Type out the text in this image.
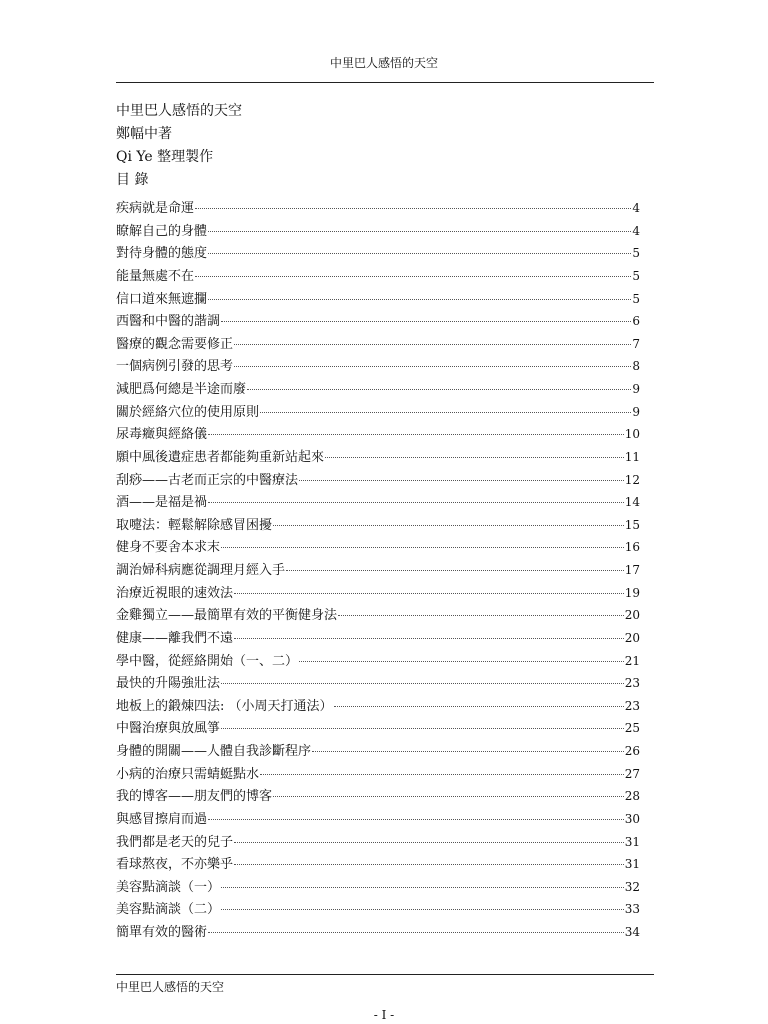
中里巴人感悟的天空
中里巴人感悟的天空
鄭幅中著
Qi Ye 整理製作
目 錄
疾病就是命運	4
瞭解自己的身體	4
對待身體的態度	5
能量無處不在	5
信口道來無遮攔	5
西醫和中醫的諧調	6
醫療的觀念需要修正	7
一個病例引發的思考	8
減肥爲何總是半途而廢	9
關於經絡穴位的使用原則	9
尿毒癥與經絡儀	10
願中風後遺症患者都能夠重新站起來	11
刮痧——古老而正宗的中醫療法	12
酒——是福是禍	14
取嚏法：輕鬆解除感冒困擾	15
健身不要舍本求末	16
調治婦科病應從調理月經入手	17
治療近視眼的速效法	19
金雞獨立——最簡單有效的平衡健身法	20
健康——離我們不遠	20
學中醫，從經絡開始（一、二）	21
最快的升陽強壯法	23
地板上的鍛煉四法: （小周天打通法）	23
中醫治療與放風箏	25
身體的開關——人體自我診斷程序	26
小病的治療只需蜻蜓點水	27
我的博客——朋友們的博客	28
與感冒擦肩而過	30
我們都是老天的兒子	31
看球熬夜，不亦樂乎	31
美容點滴談（一）	32
美容點滴談（二）	33
簡單有效的醫術	34
中里巴人感悟的天空
- I -
